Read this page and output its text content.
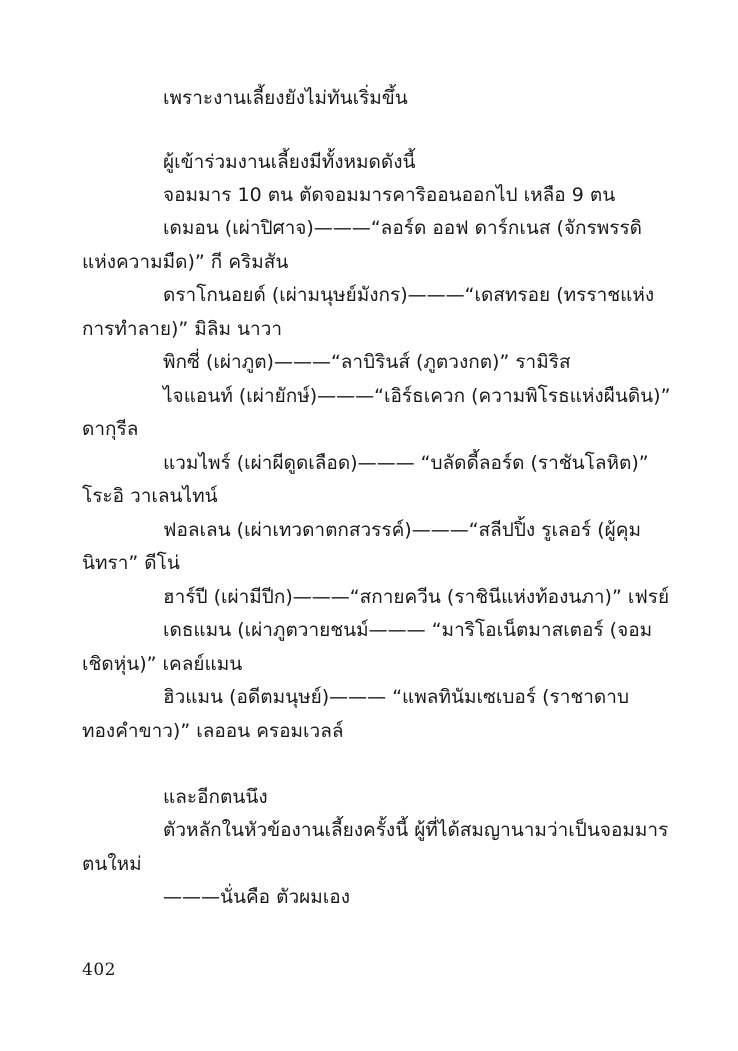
เพราะงานเลี้ยงยังไม่ทันเริ่มขึ้น
ผู้เข้าร่วมงานเลี้ยงมีทั้งหมดดังนี้
จอมมาร 10 ตน ตัดจอมมารคาริออนออกไป เหลือ 9 ตน
เดมอน (เผ่าปิศาจ)———“ลอร์ด ออฟ ดาร์กเนส (จักรพรรดิ
แห่งความมืด)” กี คริมสัน
ดราโกนอยด์ (เผ่ามนุษย์มังกร)———“เดสทรอย (ทรราชแห่ง
การทำลาย)” มิลิม นาวา
พิกซี่ (เผ่าภูต)———“ลาบิรินส์ (ภูตวงกต)” รามิริส
ไจแอนท์ (เผ่ายักษ์)———“เอิร์ธเควก (ความพิโรธแห่งผืนดิน)”
ดากุรีล
แวมไพร์ (เผ่าผีดูดเลือด)——— “บลัดดี้ลอร์ด (ราชันโลหิต)”
โระอิ วาเลนไทน์
ฟอลเลน (เผ่าเทวดาตกสวรรค์)———“สลีปปิ้ง รูเลอร์ (ผู้คุม
นิทรา” ดีโน่
ฮาร์ปี (เผ่ามีปีก)———“สกายควีน (ราชินีแห่งท้องนภา)” เฟรย์
เดธแมน (เผ่าภูตวายชนม์——— “มาริโอเน็ตมาสเตอร์ (จอม
เชิดหุ่น)” เคลย์แมน
ฮิวแมน (อดีตมนุษย์)——— “แพลทินัมเซเบอร์ (ราชาดาบ
ทองคำขาว)” เลออน ครอมเวลล์
และอีกตนนึง
ตัวหลักในหัวข้องานเลี้ยงครั้งนี้ ผู้ที่ได้สมญานามว่าเป็นจอมมาร
ตนใหม่
———นั่นคือ ตัวผมเอง
402
